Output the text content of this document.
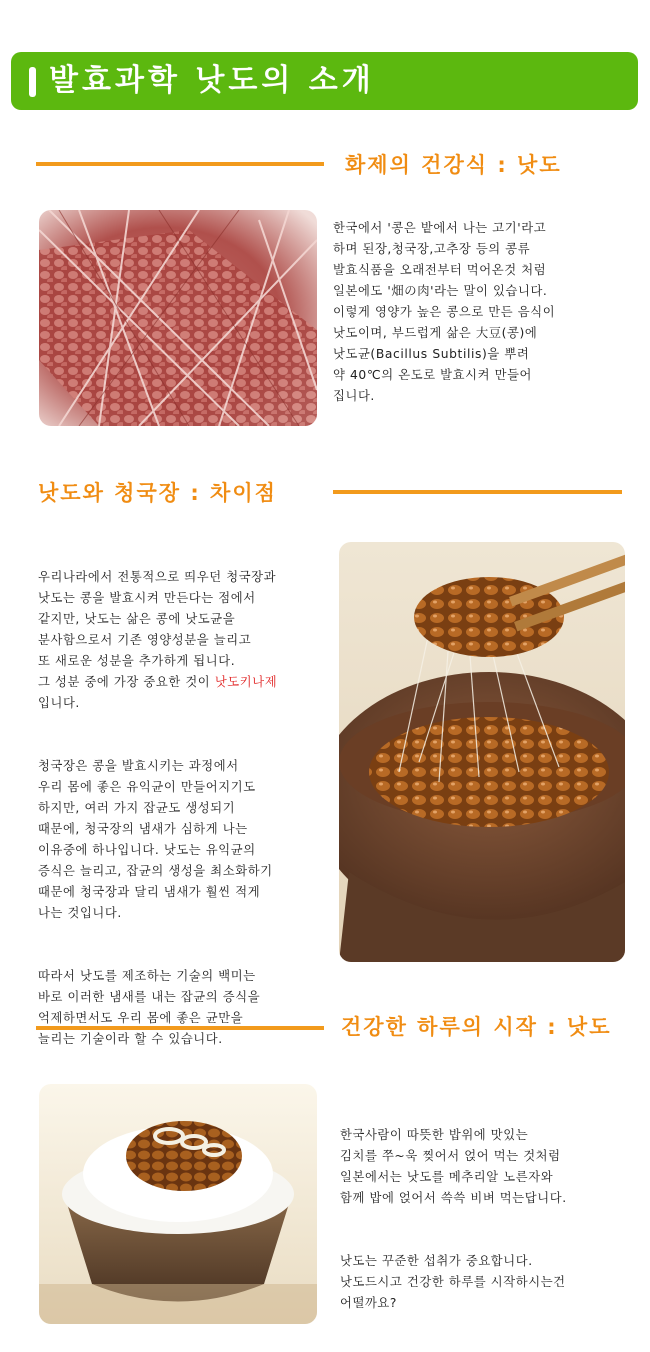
발효과학 낫도의 소개
화제의 건강식 : 낫도
한국에서 '콩은 밭에서 나는 고기'라고
하며 된장,청국장,고추장 등의 콩류
발효식품을 오래전부터 먹어온것 처럼
일본에도 '畑の肉'라는 말이 있습니다.
이렇게 영양가 높은 콩으로 만든 음식이
낫도이며, 부드럽게 삶은 大豆(콩)에
낫도균(Bacillus Subtilis)을 뿌려
약 40℃의 온도로 발효시켜 만들어
집니다.
낫도와 청국장 : 차이점

우리나라에서 전통적으로 띄우던 청국장과
낫도는 콩을 발효시켜 만든다는 점에서
같지만, 낫도는 삶은 콩에 낫도균을
분사함으로서 기존 영양성분을 늘리고
또 새로운 성분을 추가하게 됩니다.
그 성분 중에 가장 중요한 것이 낫도키나제
입니다.

청국장은 콩을 발효시키는 과정에서
우리 몸에 좋은 유익균이 만들어지기도
하지만, 여러 가지 잡균도 생성되기
때문에, 청국장의 냄새가 심하게 나는
이유중에 하나입니다. 낫도는 유익균의
증식은 늘리고, 잡균의 생성을 최소화하기
때문에 청국장과 달리 냄새가 훨씬 적게
나는 것입니다.

따라서 낫도를 제조하는 기술의 백미는
바로 이러한 냄새를 내는 잡균의 증식을
억제하면서도 우리 몸에 좋은 균만을
늘리는 기술이라 할 수 있습니다.	건강한 하루의 시작 : 낫도

한국사람이 따뜻한 밥위에 맛있는
김치를 쭈~욱 찢어서 얹어 먹는 것처럼
일본에서는 낫도를 메추리알 노른자와
함께 밥에 얹어서 쓱쓱 비벼 먹는답니다.

낫도는 꾸준한 섭취가 중요합니다.
낫도드시고 건강한 하루를 시작하시는건
어떨까요?
